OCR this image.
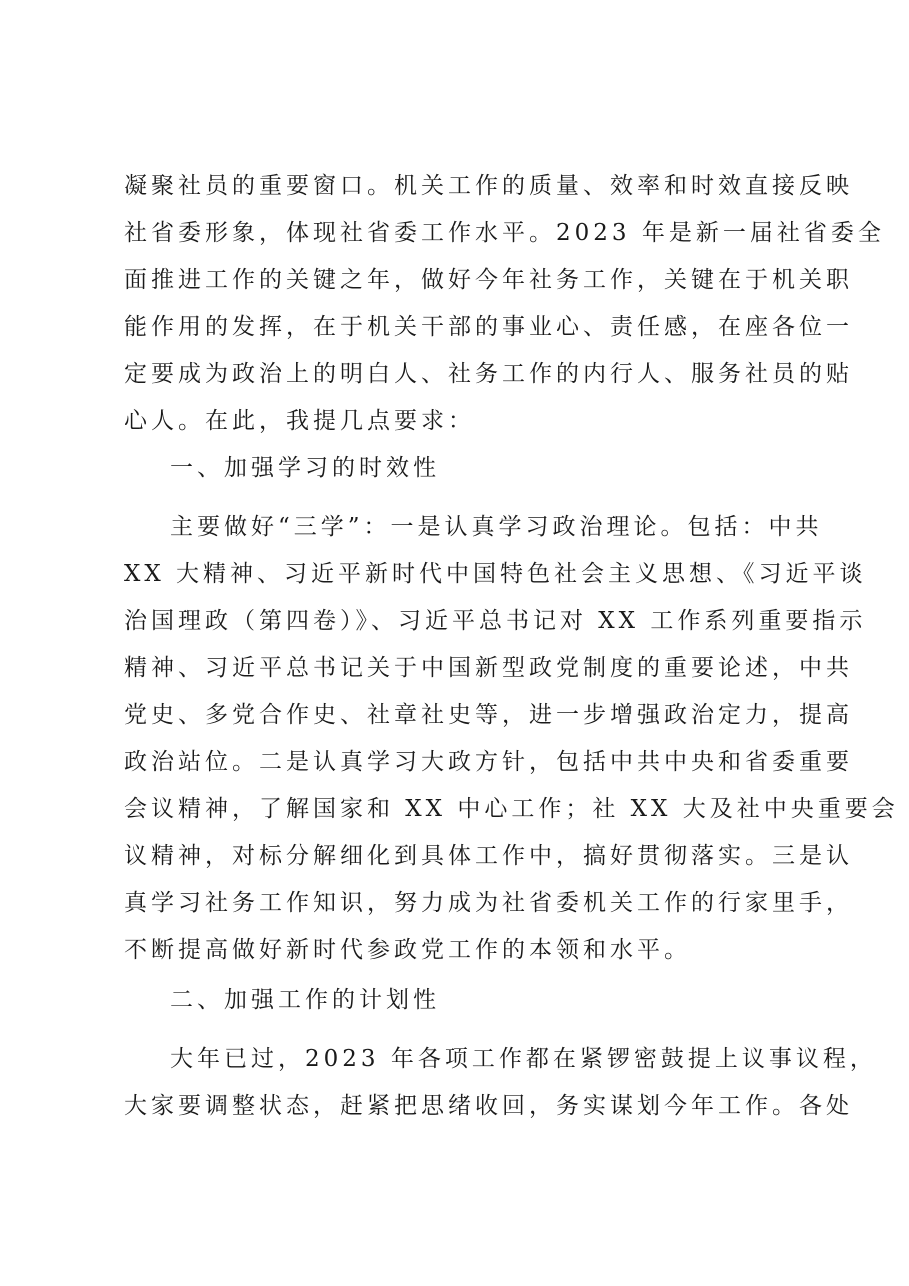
凝聚社员的重要窗口。机关工作的质量、效率和时效直接反映
社省委形象，体现社省委工作水平。2023 年是新一届社省委全
面推进工作的关键之年，做好今年社务工作，关键在于机关职
能作用的发挥，在于机关干部的事业心、责任感，在座各位一
定要成为政治上的明白人、社务工作的内行人、服务社员的贴
心人。在此，我提几点要求：
一、加强学习的时效性
主要做好“三学”：一是认真学习政治理论。包括：中共
XX 大精神、习近平新时代中国特色社会主义思想、《习近平谈
治国理政（第四卷）》、习近平总书记对 XX 工作系列重要指示
精神、习近平总书记关于中国新型政党制度的重要论述，中共
党史、多党合作史、社章社史等，进一步增强政治定力，提高
政治站位。二是认真学习大政方针，包括中共中央和省委重要
会议精神，了解国家和 XX 中心工作；社 XX 大及社中央重要会
议精神，对标分解细化到具体工作中，搞好贯彻落实。三是认
真学习社务工作知识，努力成为社省委机关工作的行家里手，
不断提高做好新时代参政党工作的本领和水平。
二、加强工作的计划性
大年已过，2023 年各项工作都在紧锣密鼓提上议事议程，
大家要调整状态，赶紧把思绪收回，务实谋划今年工作。各处
